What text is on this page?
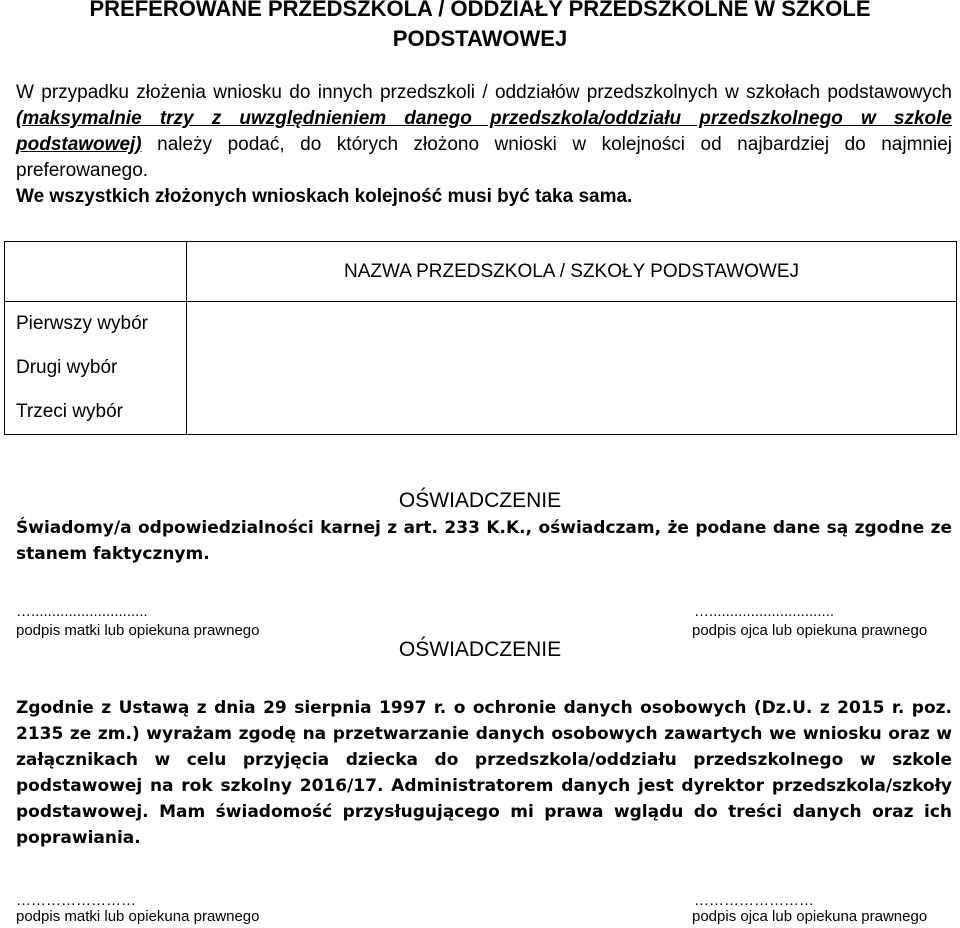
PREFEROWANE PRZEDSZKOLA / ODDZIAŁY PRZEDSZKOLNE W SZKOLE
PODSTAWOWEJ
W przypadku złożenia wniosku do innych przedszkoli / oddziałów przedszkolnych w szkołach podstawowych (maksymalnie trzy z uwzględnieniem danego przedszkola/oddziału przedszkolnego w szkole podstawowej) należy podać, do których złożono wnioski w kolejności od najbardziej do najmniej preferowanego.
We wszystkich złożonych wnioskach kolejność musi być taka sama.
	NAZWA PRZEDSZKOLA / SZKOŁY PODSTAWOWEJ
Pierwszy wybór	
Drugi wybór	
Trzeci wybór	
OŚWIADCZENIE
Świadomy/a odpowiedzialności karnej z art. 233 K.K., oświadczam, że podane dane są zgodne ze stanem faktycznym.
…............................
podpis matki lub opiekuna prawnego
…..............................
podpis ojca lub opiekuna prawnego
OŚWIADCZENIE
Zgodnie z Ustawą z dnia 29 sierpnia 1997 r. o ochronie danych osobowych (Dz.U. z 2015 r. poz. 2135 ze zm.) wyrażam zgodę na przetwarzanie danych osobowych zawartych we wniosku oraz w załącznikach w celu przyjęcia dziecka do przedszkola/oddziału przedszkolnego w szkole podstawowej na rok szkolny 2016/17. Administratorem danych jest dyrektor przedszkola/szkoły podstawowej. Mam świadomość przysługującego mi prawa wglądu do treści danych oraz ich poprawiania.
……………………
podpis matki lub opiekuna prawnego
……………………
podpis ojca lub opiekuna prawnego
